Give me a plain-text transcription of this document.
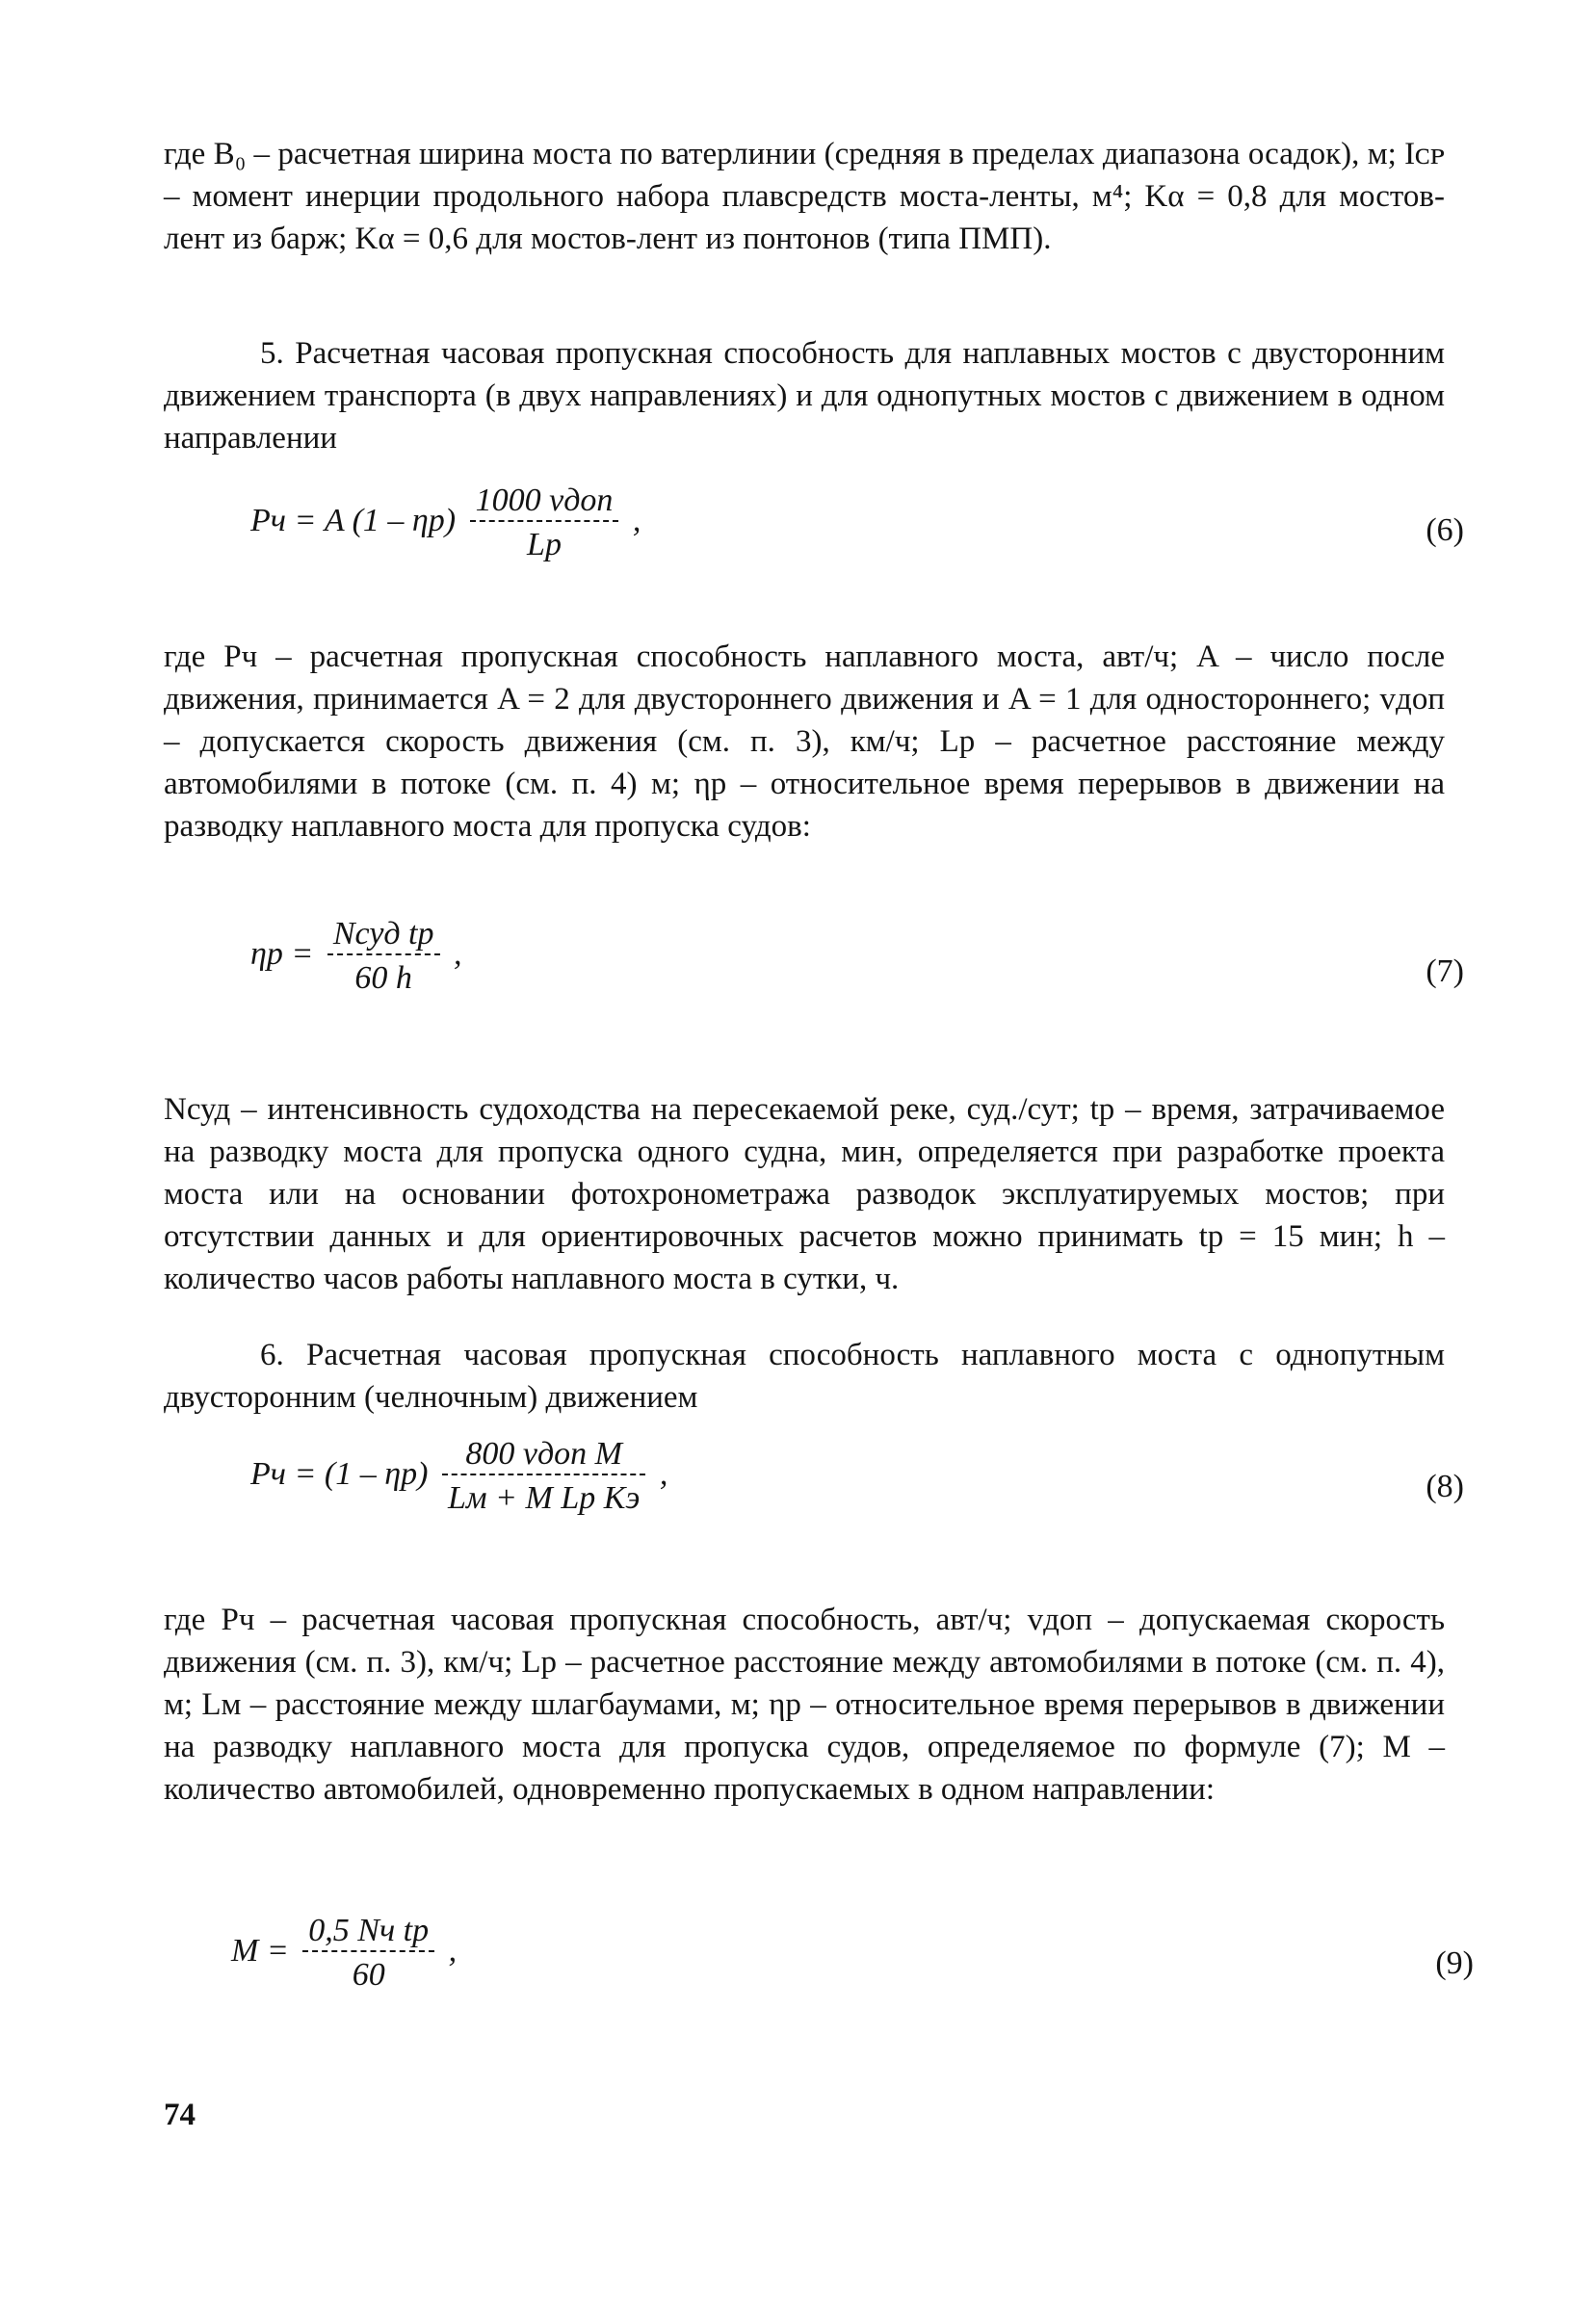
где B₀ – расчетная ширина моста по ватерлинии (средняя в пределах диапазона осадок), м; Iᴄᴘ – момент инерции продольного набора плавсредств моста-ленты, м⁴; Kα = 0,8 для мостов-лент из барж; Kα = 0,6 для мостов-лент из понтонов (типа ПМП).

5. Расчетная часовая пропускная способность для наплавных мостов с двусторонним движением транспорта (в двух направлениях) и для однопутных мостов с движением в одном направлении

Pч = A $(1 - \eta р) \frac{\text{1000 vдоп}}{Lр}$ ,	(6)

где Pч – расчетная пропускная способность наплавного моста, авт/ч; A – число после движения, принимается A = 2 для двустороннего движения и A = 1 для одностороннего; vдоп – допускается скорость движения (см. п. 3), км/ч; Lр – расчетное расстояние между автомобилями в потоке (см. п. 4) м; ηр – относительное время перерывов в движении на разводку наплавного моста для пропуска судов:

$\eta р = \frac{\text{Nсуд tр}}{60 h}$ ,	(7)

Nсуд – интенсивность судоходства на пересекаемой реке, суд./сут; tр – время, затрачиваемое на разводку моста для пропуска одного судна, мин, определяется при разработке проекта моста или на основании фотохронометража разводок эксплуатируемых мостов; при отсутствии данных и для ориентировочных расчетов можно принимать tр = 15 мин; h – количество часов работы наплавного моста в сутки, ч.

6. Расчетная часовая пропускная способность наплавного моста с однопутным двусторонним (челночным) движением

Pч = $(1 - \eta р) \frac{\text{800 vдоп M}}{\text{Lм + M Lр Kэ}}$ ,	(8)

где Pч – расчетная часовая пропускная способность, авт/ч; vдоп – допускаемая скорость движения (см. п. 3), км/ч; Lр – расчетное расстояние между автомобилями в потоке (см. п. 4), м; Lм – расстояние между шлагбаумами, м; ηр – относительное время перерывов в движении на разводку наплавного моста для пропуска судов, определяемое по формуле (7); M – количество автомобилей, одновременно пропускаемых в одном направлении:

$M = \frac{\text{0,5 Nч tр}}{60}$ ,	(9)
74
